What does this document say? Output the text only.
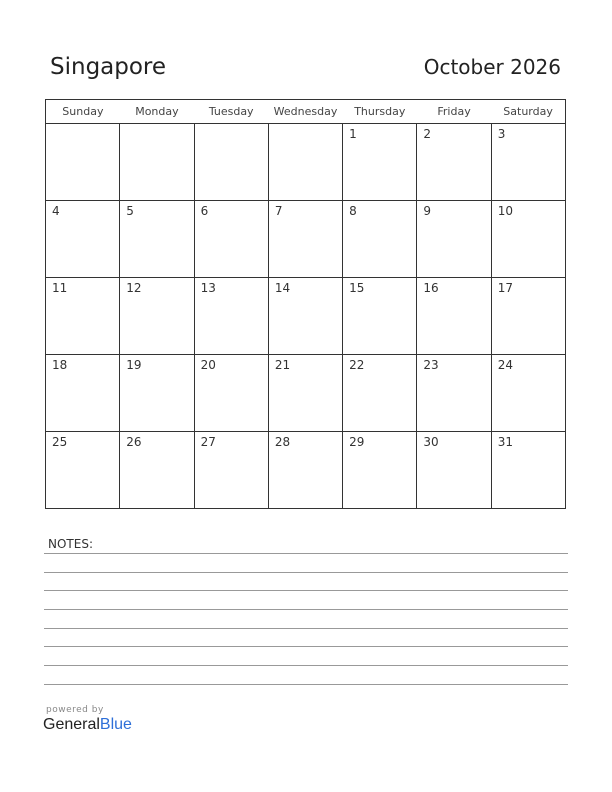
Singapore	October 2026
Sunday	Monday	Tuesday	Wednesday	Thursday	Friday	Saturday

				1	2	3

4	5	6	7	8	9	10

11	12	13	14	15	16	17

18	19	20	21	22	23	24

25	26	27	28	29	30	31
NOTES:
powered by
GeneralBlue
